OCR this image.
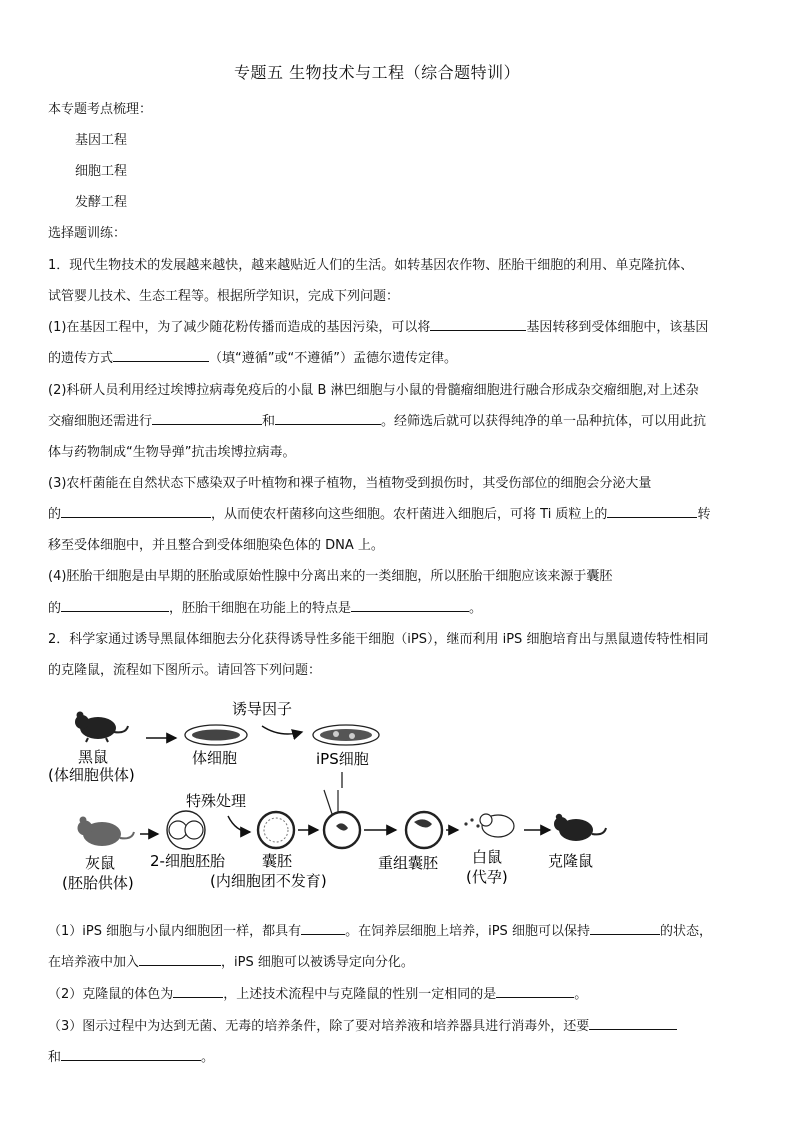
专题五 生物技术与工程（综合题特训）
本专题考点梳理：
基因工程
细胞工程
发酵工程
选择题训练：
1．现代生物技术的发展越来越快，越来越贴近人们的生活。如转基因农作物、胚胎干细胞的利用、单克隆抗体、
试管婴儿技术、生态工程等。根据所学知识，完成下列问题：
(1)在基因工程中，为了减少随花粉传播而造成的基因污染，可以将	基因转移到受体细胞中，该基因
的遗传方式	（填“遵循”或“不遵循”）孟德尔遗传定律。
(2)科研人员利用经过埃博拉病毒免疫后的小鼠 B 淋巴细胞与小鼠的骨髓瘤细胞进行融合形成杂交瘤细胞,对上述杂
交瘤细胞还需进行	和	。经筛选后就可以获得纯净的单一品种抗体，可以用此抗
体与药物制成“生物导弹”抗击埃博拉病毒。
(3)农杆菌能在自然状态下感染双子叶植物和裸子植物，当植物受到损伤时，其受伤部位的细胞会分泌大量
的	，从而使农杆菌移向这些细胞。农杆菌进入细胞后，可将 Ti 质粒上的	转
移至受体细胞中，并且整合到受体细胞染色体的 DNA 上。
(4)胚胎干细胞是由早期的胚胎或原始性腺中分离出来的一类细胞，所以胚胎干细胞应该来源于囊胚
的	，胚胎干细胞在功能上的特点是	。
2．科学家通过诱导黑鼠体细胞去分化获得诱导性多能干细胞（iPS），继而利用 iPS 细胞培育出与黑鼠遗传特性相同
的克隆鼠，流程如下图所示。请回答下列问题：
黑鼠
(体细胞供体)
体细胞
诱导因子
iPS细胞
灰鼠
(胚胎供体)
2-细胞胚胎
特殊处理
囊胚
(内细胞团不发育)
重组囊胚 白鼠
(代孕)
克隆鼠
（1）iPS 细胞与小鼠内细胞团一样，都具有	。在饲养层细胞上培养，iPS 细胞可以保持	的状态，
在培养液中加入	，iPS 细胞可以被诱导定向分化。
（2）克隆鼠的体色为	，上述技术流程中与克隆鼠的性别一定相同的是	。
（3）图示过程中为达到无菌、无毒的培养条件，除了要对培养液和培养器具进行消毒外，还要
和	。
